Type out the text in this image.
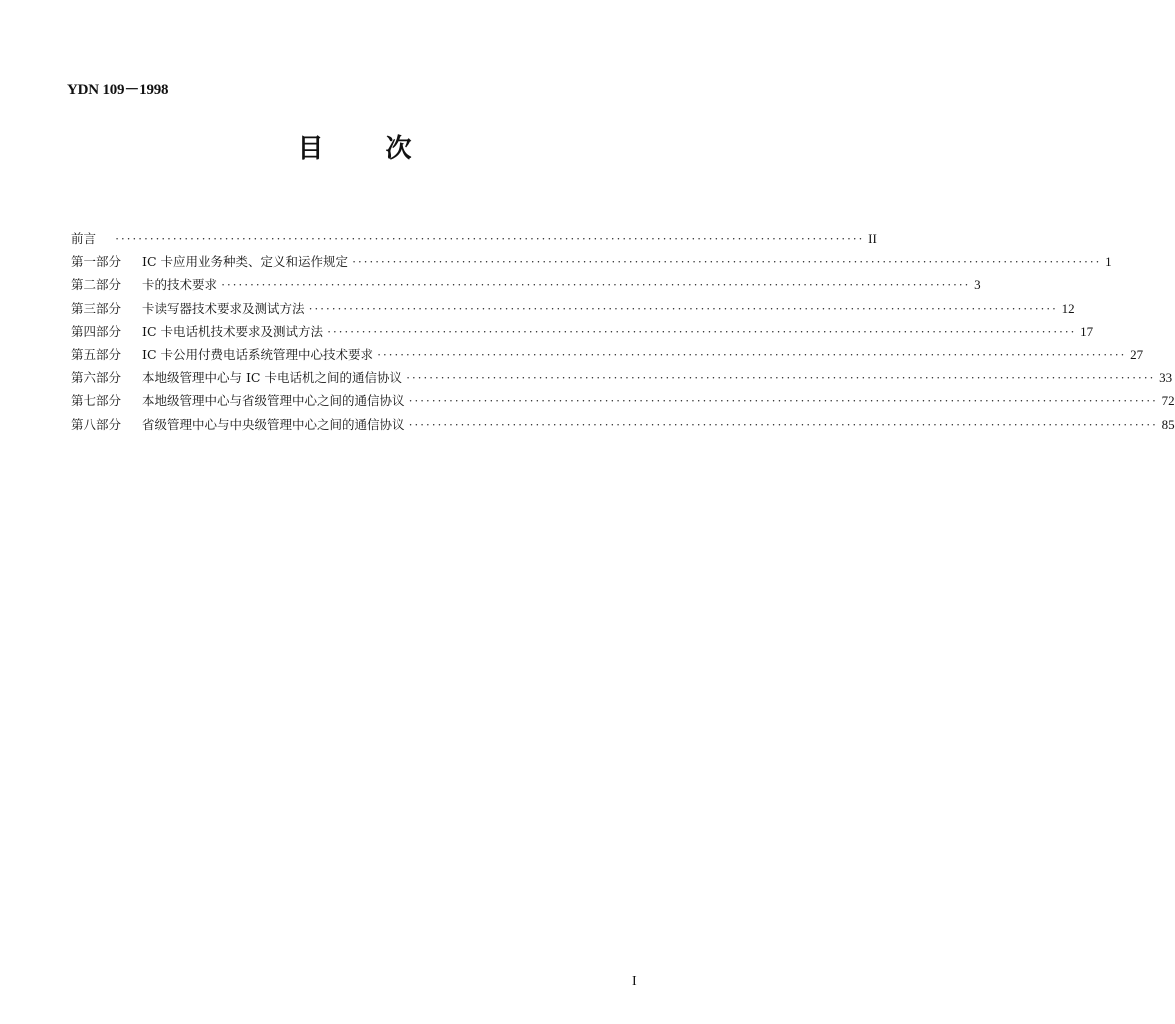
YDN 109－1998
目 次
前言	·································································································································· II
第一部分	IC 卡应用业务种类、定义和运作规定 ·································································································································· 1
第二部分	卡的技术要求 ·································································································································· 3
第三部分	卡读写器技术要求及测试方法 ·································································································································· 12
第四部分	IC 卡电话机技术要求及测试方法 ·································································································································· 17
第五部分	IC 卡公用付费电话系统管理中心技术要求 ·································································································································· 27
第六部分	本地级管理中心与 IC 卡电话机之间的通信协议 ·································································································································· 33
第七部分	本地级管理中心与省级管理中心之间的通信协议 ·································································································································· 72
第八部分	省级管理中心与中央级管理中心之间的通信协议 ·································································································································· 85
I
